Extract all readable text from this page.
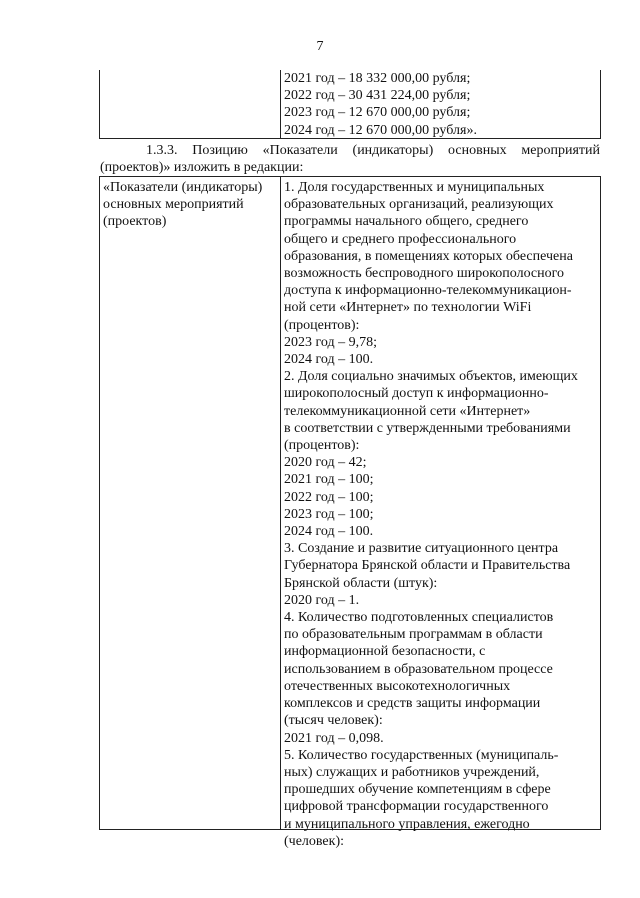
7
2021 год – 18 332 000,00 рубля;
2022 год – 30 431 224,00 рубля;
2023 год – 12 670 000,00 рубля;
2024 год – 12 670 000,00 рубля».
1.3.3. Позицию «Показатели (индикаторы) основных мероприятий
(проектов)» изложить в редакции:
«Показатели (индикаторы)
основных мероприятий
(проектов)
1. Доля государственных и муниципальных
образовательных организаций, реализующих
программы начального общего, среднего
общего и среднего профессионального
образования, в помещениях которых обеспечена
возможность беспроводного широкополосного
доступа к информационно-телекоммуникацион-
ной сети «Интернет» по технологии WiFi
(процентов):
2023 год – 9,78;
2024 год – 100.
2. Доля социально значимых объектов, имеющих
широкополосный доступ к информационно-
телекоммуникационной сети «Интернет»
в соответствии с утвержденными требованиями
(процентов):
2020 год – 42;
2021 год – 100;
2022 год – 100;
2023 год – 100;
2024 год – 100.
3. Создание и развитие ситуационного центра
Губернатора Брянской области и Правительства
Брянской области (штук):
2020 год – 1.
4. Количество подготовленных специалистов
по образовательным программам в области
информационной безопасности, с
использованием в образовательном процессе
отечественных высокотехнологичных
комплексов и средств защиты информации
(тысяч человек):
2021 год – 0,098.
5. Количество государственных (муниципаль-
ных) служащих и работников учреждений,
прошедших обучение компетенциям в сфере
цифровой трансформации государственного
и муниципального управления, ежегодно
(человек):
